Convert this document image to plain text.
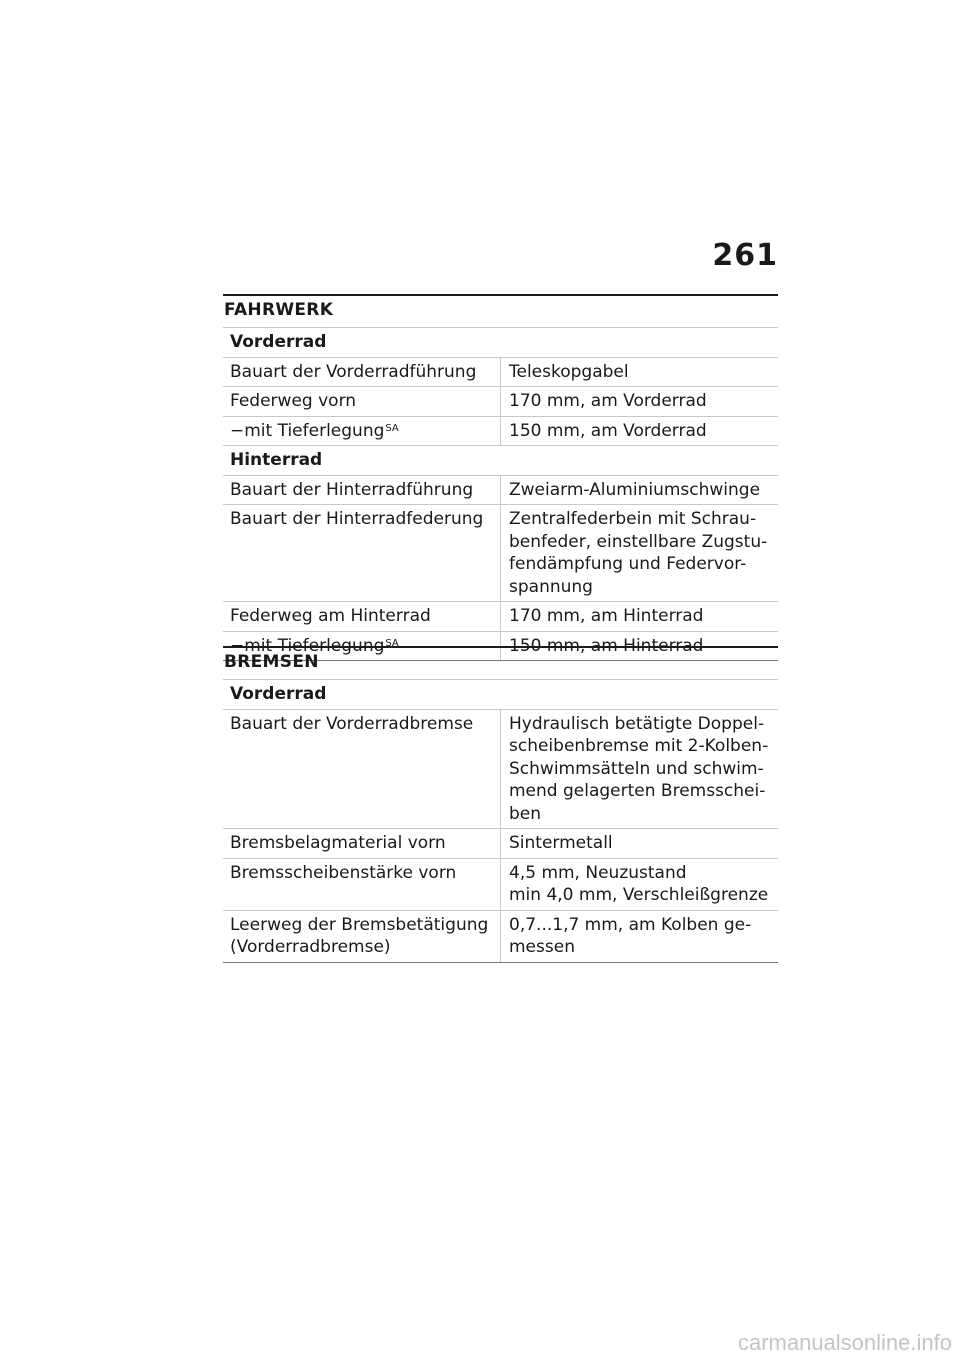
261
FAHRWERK
Vorderrad	
Bauart der Vorderradführung	Teleskopgabel
Federweg vorn	170 mm, am Vorderrad
−mit Tieferlegung$^{SA}$	150 mm, am Vorderrad
Hinterrad	
Bauart der Hinterradführung	Zweiarm-Aluminiumschwinge
Bauart der Hinterradfederung	Zentralfederbein mit Schrau-
benfeder, einstellbare Zugstu-
fendämpfung und Federvor-
spannung
Federweg am Hinterrad	170 mm, am Hinterrad
−mit Tieferlegung$^{SA}$	150 mm, am Hinterrad
BREMSEN
Vorderrad	
Bauart der Vorderradbremse	Hydraulisch betätigte Doppel-
scheibenbremse mit 2-Kolben-
Schwimmsätteln und schwim-
mend gelagerten Bremsschei-
ben
Bremsbelagmaterial vorn	Sintermetall
Bremsscheibenstärke vorn	4,5 mm, Neuzustand
min 4,0 mm, Verschleißgrenze
Leerweg der Bremsbetätigung
(Vorderradbremse)	0,7...1,7 mm, am Kolben ge-
messen
carmanualsonline.info
